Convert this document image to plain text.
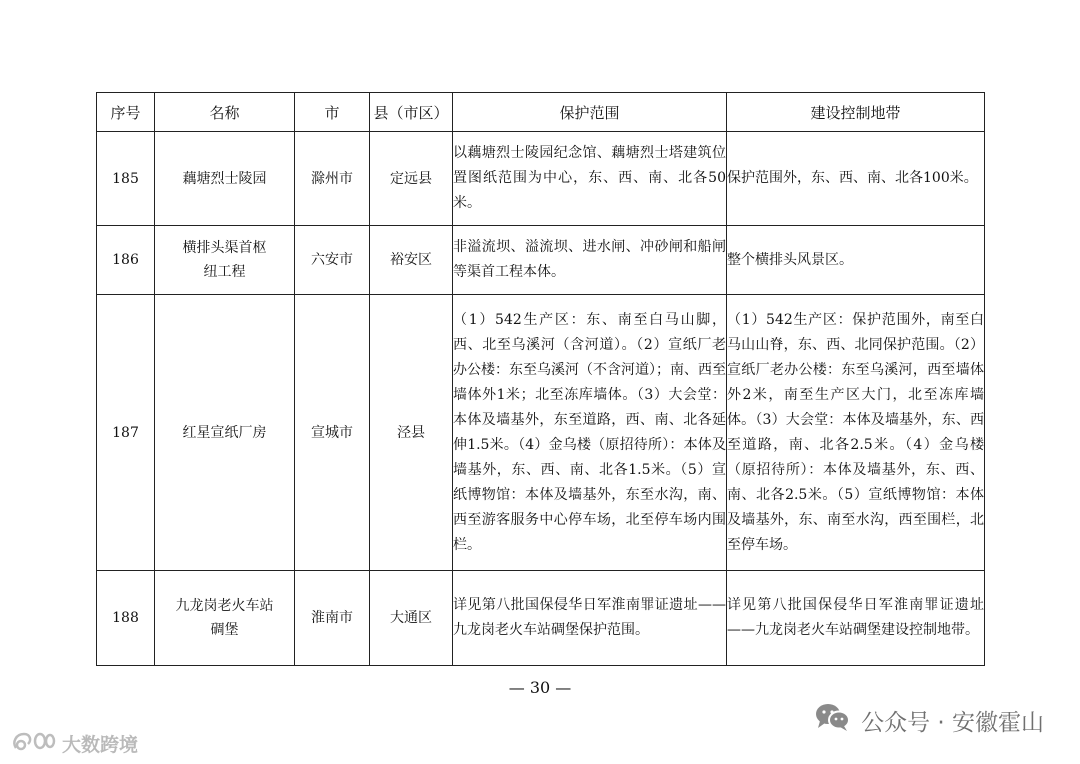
序号	名称	市	县（市区）	保护范围	建设控制地带
185	藕塘烈士陵园	滁州市	定远县	以藕塘烈士陵园纪念馆、藕塘烈士塔建筑位置图纸范围为中心，东、西、南、北各50米。	保护范围外，东、西、南、北各100米。
186	横排头渠首枢纽工程	六安市	裕安区	非溢流坝、溢流坝、进水闸、冲砂闸和船闸等渠首工程本体。	整个横排头风景区。
187	红星宣纸厂房	宣城市	泾县	（1）542生产区：东、南至白马山脚，西、北至乌溪河（含河道）。（2）宣纸厂老办公楼：东至乌溪河（不含河道）；南、西至墙体外1米；北至冻库墙体。（3）大会堂：本体及墙基外，东至道路，西、南、北各延伸1.5米。（4）金乌楼（原招待所）：本体及墙基外，东、西、南、北各1.5米。（5）宣纸博物馆：本体及墙基外，东至水沟，南、西至游客服务中心停车场，北至停车场内围栏。	（1）542生产区：保护范围外，南至白马山山脊，东、西、北同保护范围。（2）宣纸厂老办公楼：东至乌溪河，西至墙体外2米，南至生产区大门，北至冻库墙体。（3）大会堂：本体及墙基外，东、西至道路，南、北各2.5米。（4）金乌楼（原招待所）：本体及墙基外，东、西、南、北各2.5米。（5）宣纸博物馆：本体及墙基外，东、南至水沟，西至围栏，北至停车场。
188	九龙岗老火车站碉堡	淮南市	大通区	详见第八批国保侵华日军淮南罪证遗址——九龙岗老火车站碉堡保护范围。	详见第八批国保侵华日军淮南罪证遗址——九龙岗老火车站碉堡建设控制地带。
— 30 —
公众号 · 安徽霍山
大数跨境
